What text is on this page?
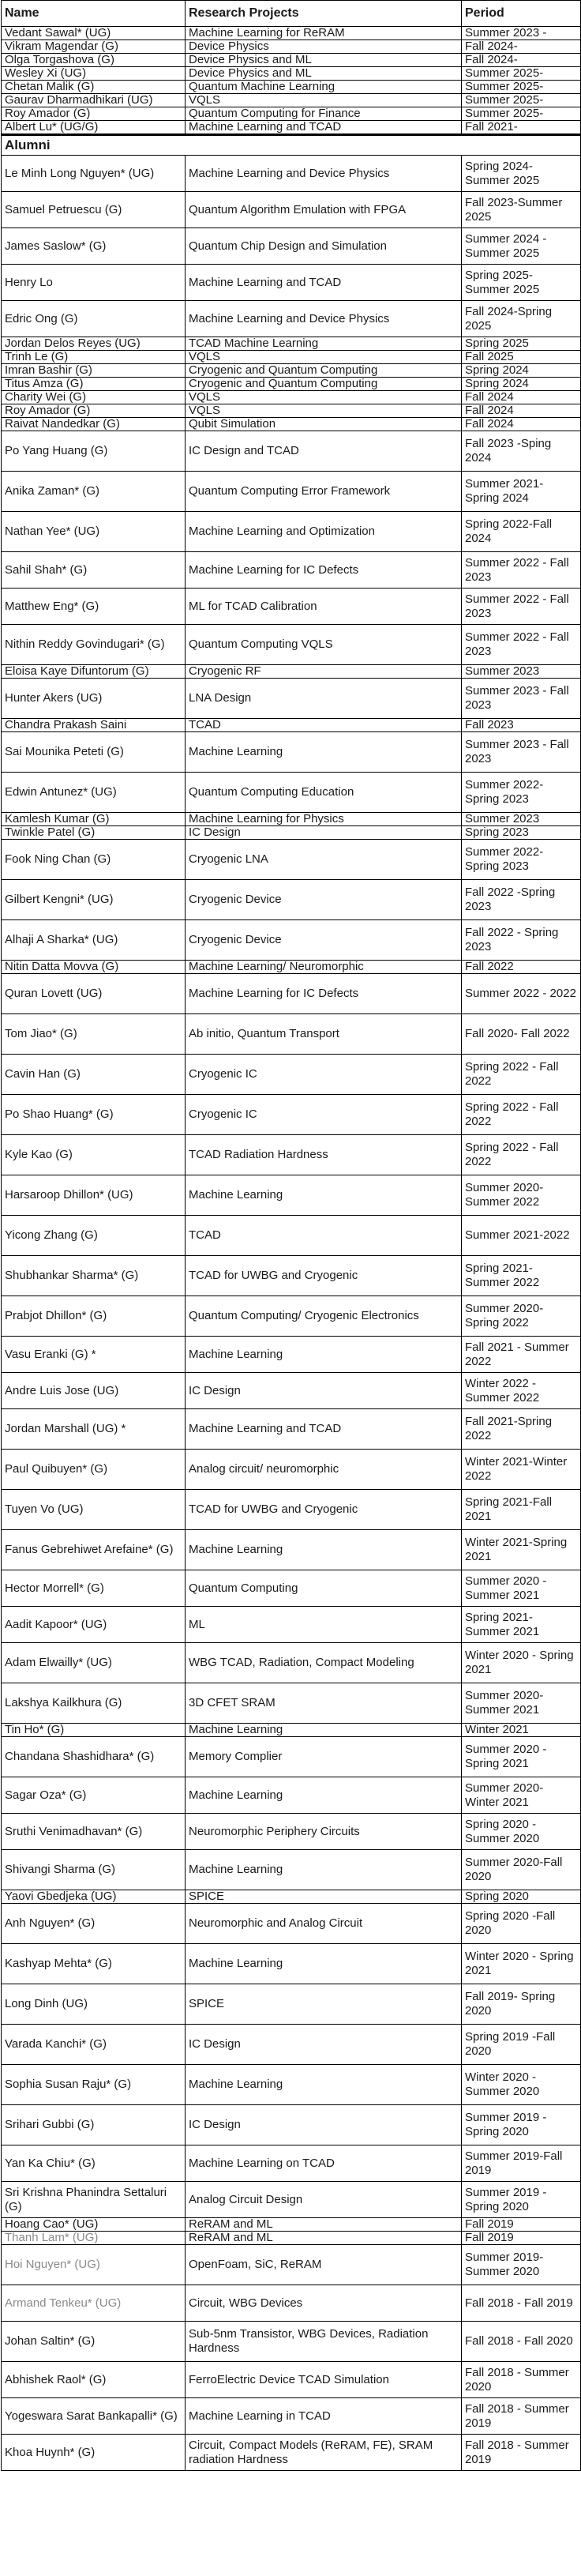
Name	Research Projects	Period
Vedant Sawal* (UG)	Machine Learning for ReRAM	Summer 2023 -
Vikram Magendar (G)	Device Physics	Fall 2024-
Olga Torgashova (G)	Device Physics and ML	Fall 2024-
Wesley Xi (UG)	Device Physics and ML	Summer 2025-
Chetan Malik (G)	Quantum Machine Learning	Summer 2025-
Gaurav Dharmadhikari (UG)	VQLS	Summer 2025-
Roy Amador (G)	Quantum Computing for Finance	Summer 2025-
Albert Lu* (UG/G)	Machine Learning and TCAD	Fall 2021-
Alumni		
Le Minh Long Nguyen* (UG)	Machine Learning and Device Physics	Spring 2024-Summer 2025
Samuel Petruescu (G)	Quantum Algorithm Emulation with FPGA	Fall 2023-Summer 2025
James Saslow* (G)	Quantum Chip Design and Simulation	Summer 2024 - Summer 2025
Henry Lo	Machine Learning and TCAD	Spring 2025-Summer 2025
Edric Ong (G)	Machine Learning and Device Physics	Fall 2024-Spring 2025
Jordan Delos Reyes (UG)	TCAD Machine Learning	Spring 2025
Trinh Le (G)	VQLS	Fall 2025
Imran Bashir (G)	Cryogenic and Quantum Computing	Spring 2024
Titus Amza (G)	Cryogenic and Quantum Computing	Spring 2024
Charity Wei (G)	VQLS	Fall 2024
Roy Amador (G)	VQLS	Fall 2024
Raivat Nandedkar (G)	Qubit Simulation	Fall 2024
Po Yang Huang (G)	IC Design and TCAD	Fall 2023 -Sping 2024
Anika Zaman* (G)	Quantum Computing Error Framework	Summer 2021-Spring 2024
Nathan Yee* (UG)	Machine Learning and Optimization	Spring 2022-Fall 2024
Sahil Shah* (G)	Machine Learning for IC Defects	Summer 2022 - Fall 2023
Matthew Eng* (G)	ML for TCAD Calibration	Summer 2022 - Fall 2023
Nithin Reddy Govindugari* (G)	Quantum Computing VQLS	Summer 2022 - Fall 2023
Eloisa Kaye Difuntorum (G)	Cryogenic RF	Summer 2023
Hunter Akers (UG)	LNA Design	Summer 2023 - Fall 2023
Chandra Prakash Saini	TCAD	Fall 2023
Sai Mounika Peteti (G)	Machine Learning	Summer 2023 - Fall 2023
Edwin Antunez* (UG)	Quantum Computing Education	Summer 2022-Spring 2023
Kamlesh Kumar (G)	Machine Learning for Physics	Summer 2023
Twinkle Patel (G)	IC Design	Spring 2023
Fook Ning Chan (G)	Cryogenic LNA	Summer 2022-Spring 2023
Gilbert Kengni* (UG)	Cryogenic Device	Fall 2022 -Spring 2023
Alhaji A Sharka* (UG)	Cryogenic Device	Fall 2022 - Spring 2023
Nitin Datta Movva (G)	Machine Learning/ Neuromorphic	Fall 2022
Quran Lovett (UG)	Machine Learning for IC Defects	Summer 2022 - 2022
Tom Jiao* (G)	Ab initio, Quantum Transport	Fall 2020- Fall 2022
Cavin Han (G)	Cryogenic IC	Spring 2022 - Fall 2022
Po Shao Huang* (G)	Cryogenic IC	Spring 2022 - Fall 2022
Kyle Kao (G)	TCAD Radiation Hardness	Spring 2022 - Fall 2022
Harsaroop Dhillon* (UG)	Machine Learning	Summer 2020-Summer 2022
Yicong Zhang (G)	TCAD	Summer 2021-2022
Shubhankar Sharma* (G)	TCAD for UWBG and Cryogenic	Spring 2021-Summer 2022
Prabjot Dhillon* (G)	Quantum Computing/ Cryogenic Electronics	Summer 2020-Spring 2022
Vasu Eranki (G) *	Machine Learning	Fall 2021 - Summer 2022
Andre Luis Jose (UG)	IC Design	Winter 2022 - Summer 2022
Jordan Marshall (UG) *	Machine Learning and TCAD	Fall 2021-Spring 2022
Paul Quibuyen* (G)	Analog circuit/ neuromorphic	Winter 2021-Winter 2022
Tuyen Vo (UG)	TCAD for UWBG and Cryogenic	Spring 2021-Fall 2021
Fanus Gebrehiwet Arefaine* (G)	Machine Learning	Winter 2021-Spring 2021
Hector Morrell* (G)	Quantum Computing	Summer 2020 - Summer 2021
Aadit Kapoor* (UG)	ML	Spring 2021-Summer 2021
Adam Elwailly* (UG)	WBG TCAD, Radiation, Compact Modeling	Winter 2020 - Spring 2021
Lakshya Kailkhura (G)	3D CFET SRAM	Summer 2020-Summer 2021
Tin Ho* (G)	Machine Learning	Winter 2021
Chandana Shashidhara* (G)	Memory Complier	Summer 2020 - Spring 2021
Sagar Oza* (G)	Machine Learning	Summer 2020-Winter 2021
Sruthi Venimadhavan* (G)	Neuromorphic Periphery Circuits	Spring 2020 - Summer 2020
Shivangi Sharma (G)	Machine Learning	Summer 2020-Fall 2020
Yaovi Gbedjeka (UG)	SPICE	Spring 2020
Anh Nguyen* (G)	Neuromorphic and Analog Circuit	Spring 2020 -Fall 2020
Kashyap Mehta* (G)	Machine Learning	Winter 2020 - Spring 2021
Long Dinh (UG)	SPICE	Fall 2019- Spring 2020
Varada Kanchi* (G)	IC Design	Spring 2019 -Fall 2020
Sophia Susan Raju* (G)	Machine Learning	Winter 2020 - Summer 2020
Srihari Gubbi (G)	IC Design	Summer 2019 - Spring 2020
Yan Ka Chiu* (G)	Machine Learning on TCAD	Summer 2019-Fall 2019
Sri Krishna Phanindra Settaluri (G)	Analog Circuit Design	Summer 2019 - Spring 2020
Hoang Cao* (UG)	ReRAM and ML	Fall 2019
Thanh Lam* (UG)	ReRAM and ML	Fall 2019
Hoi Nguyen* (UG)	OpenFoam, SiC, ReRAM	Summer 2019-Summer 2020
Armand Tenkeu* (UG)	Circuit, WBG Devices	Fall 2018 - Fall 2019
Johan Saltin* (G)	Sub-5nm Transistor, WBG Devices, Radiation Hardness	Fall 2018 - Fall 2020
Abhishek Raol* (G)	FerroElectric Device TCAD Simulation	Fall 2018 - Summer 2020
Yogeswara Sarat Bankapalli* (G)	Machine Learning in TCAD	Fall 2018 - Summer 2019
Khoa Huynh* (G)	Circuit, Compact Models (ReRAM, FE), SRAM radiation Hardness	Fall 2018 - Summer 2019
